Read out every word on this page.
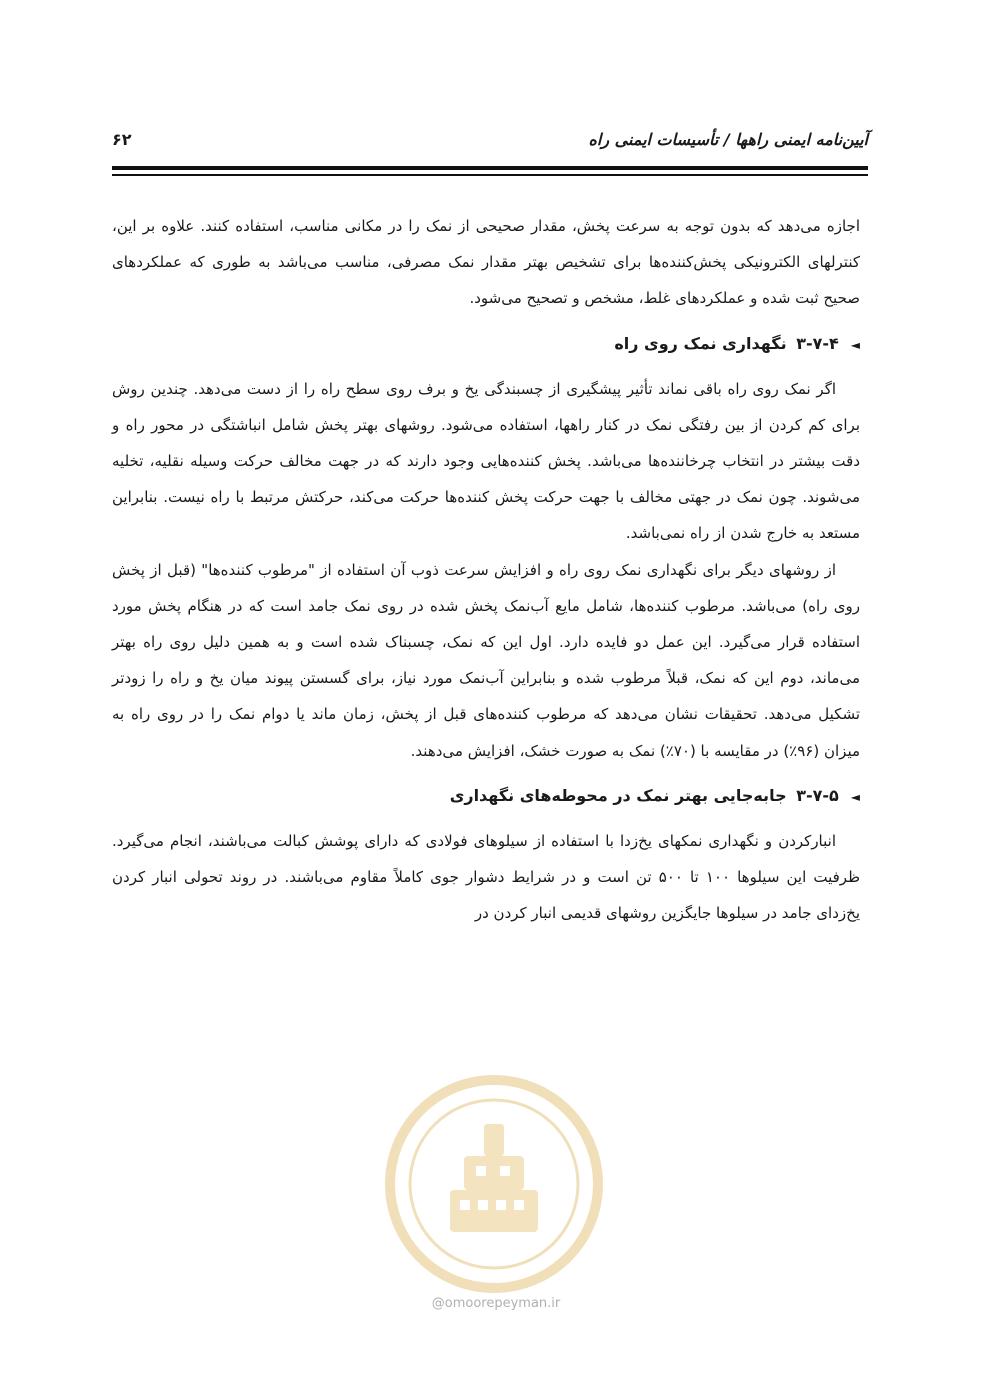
آیین‌نامه ایمنی راهها / تأسیسات ایمنی راه
۶۲

اجازه می‌دهد که بدون توجه به سرعت پخش، مقدار صحیحی از نمک را در مکانی مناسب، استفاده کنند. علاوه بر این، کنترلهای الکترونیکی پخش‌کننده‌ها برای تشخیص بهتر مقدار نمک مصرفی، مناسب می‌باشد به طوری که عملکردهای صحیح ثبت شده و عملکردهای غلط، مشخص و تصحیح می‌شود.

◄۳-۷-۴ نگهداری نمک روی راه

اگر نمک روی راه باقی نماند تأثیر پیشگیری از چسبندگی یخ و برف روی سطح راه را از دست می‌دهد. چندین روش برای کم کردن از بین رفتگی نمک در کنار راهها، استفاده می‌شود. روشهای بهتر پخش شامل انباشتگی در محور راه و دقت بیشتر در انتخاب چرخانندەها می‌باشد. پخش کننده‌هایی وجود دارند که در جهت مخالف حرکت وسیله نقلیه، تخلیه می‌شوند. چون نمک در جهتی مخالف با جهت حرکت پخش کننده‌ها حرکت می‌کند، حرکتش مرتبط با راه نیست. بنابراین مستعد به خارج شدن از راه نمی‌باشد.

از روشهای دیگر برای نگهداری نمک روی راه و افزایش سرعت ذوب آن استفاده از "مرطوب کننده‌ها" (قبل از پخش روی راه) می‌باشد. مرطوب کننده‌ها، شامل مایع آب‌نمک پخش شده در روی نمک جامد است که در هنگام پخش مورد استفاده قرار می‌گیرد. این عمل دو فایده دارد. اول این که نمک، چسبناک شده است و به همین دلیل روی راه بهتر می‌ماند، دوم این که نمک، قبلاً مرطوب شده و بنابراین آب‌نمک مورد نیاز، برای گسستن پیوند میان یخ و راه را زودتر تشکیل می‌دهد. تحقیقات نشان می‌دهد که مرطوب کننده‌های قبل از پخش، زمان ماند یا دوام نمک را در روی راه به میزان (۹۶٪) در مقایسه با (۷۰٪) نمک به صورت خشک، افزایش می‌دهند.

◄۳-۷-۵ جابه‌جایی بهتر نمک در محوطه‌های نگهداری

انبارکردن و نگهداری نمکهای یخ‌زدا با استفاده از سیلوهای فولادی که دارای پوشش کبالت می‌باشند، انجام می‌گیرد. ظرفیت این سیلوها ۱۰۰ تا ۵۰۰ تن است و در شرایط دشوار جوی کاملاً مقاوم می‌باشند. در روند تحولی انبار کردن یخ‌زدای جامد در سیلوها جایگزین روشهای قدیمی انبار کردن در

@omoorepeyman.ir
